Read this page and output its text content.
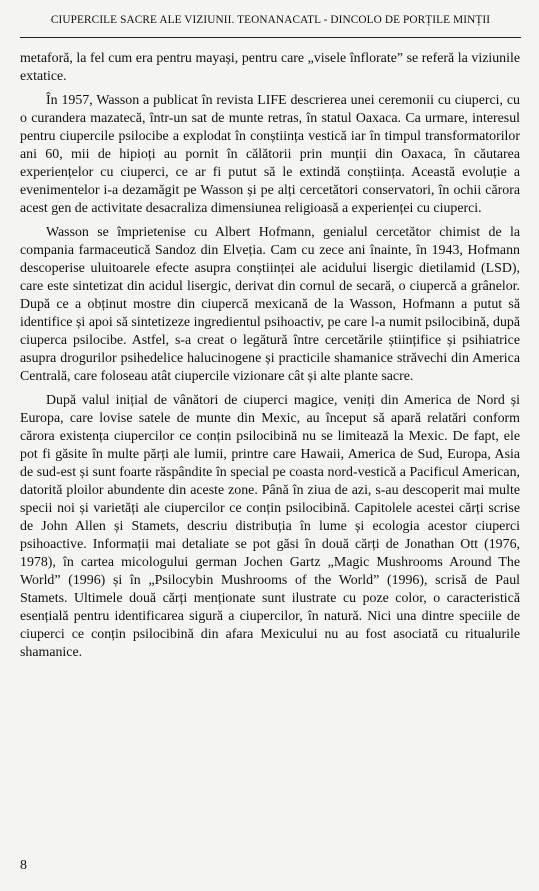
CIUPERCILE SACRE ALE VIZIUNII. TEONANACATL - DINCOLO DE PORȚILE MINȚII

metaforă, la fel cum era pentru mayași, pentru care „visele înflorate” se referă la viziunile extatice.

În 1957, Wasson a publicat în revista LIFE descrierea unei ceremonii cu ciuperci, cu o curandera mazatecă, într-un sat de munte retras, în statul Oaxaca. Ca urmare, interesul pentru ciupercile psilocibe a explodat în conștiința vestică iar în timpul transformatorilor ani 60, mii de hipioți au pornit în călătorii prin munții din Oaxaca, în căutarea experiențelor cu ciuperci, ce ar fi putut să le extindă conștiința. Această evoluție a evenimentelor i-a dezamăgit pe Wasson și pe alți cercetători conservatori, în ochii cărora acest gen de activitate desacraliza dimensiunea religioasă a experienței cu ciuperci.

Wasson se împrietenise cu Albert Hofmann, genialul cercetător chimist de la compania farmaceutică Sandoz din Elveția. Cam cu zece ani înainte, în 1943, Hofmann descoperise uluitoarele efecte asupra conștiinței ale acidului lisergic dietilamid (LSD), care este sintetizat din acidul lisergic, derivat din cornul de secară, o ciupercă a grânelor. După ce a obținut mostre din ciupercă mexicană de la Wasson, Hofmann a putut să identifice și apoi să sintetizeze ingredientul psihoactiv, pe care l-a numit psilocibină, după ciuperca psilocibe. Astfel, s-a creat o legătură între cercetările științifice și psihiatrice asupra drogurilor psihedelice halucinogene și practicile shamanice străvechi din America Centrală, care foloseau atât ciupercile vizionare cât și alte plante sacre.

După valul inițial de vânători de ciuperci magice, veniți din America de Nord și Europa, care lovise satele de munte din Mexic, au început să apară relatări conform cărora existența ciupercilor ce conțin psilocibină nu se limitează la Mexic. De fapt, ele pot fi găsite în multe părți ale lumii, printre care Hawaii, America de Sud, Europa, Asia de sud-est și sunt foarte răspândite în special pe coasta nord-vestică a Pacificul American, datorită ploilor abundente din aceste zone. Până în ziua de azi, s-au descoperit mai multe specii noi și varietăți ale ciupercilor ce conțin psilocibină. Capitolele acestei cărți scrise de John Allen și Stamets, descriu distribuția în lume și ecologia acestor ciuperci psihoactive. Informații mai detaliate se pot găsi în două cărți de Jonathan Ott (1976, 1978), în cartea micologului german Jochen Gartz „Magic Mushrooms Around The World” (1996) și în „Psilocybin Mushrooms of the World” (1996), scrisă de Paul Stamets. Ultimele două cărți menționate sunt ilustrate cu poze color, o caracteristică esențială pentru identificarea sigură a ciupercilor, în natură. Nici una dintre speciile de ciuperci ce conțin psilocibină din afara Mexicului nu au fost asociată cu ritualurile shamanice.

8
